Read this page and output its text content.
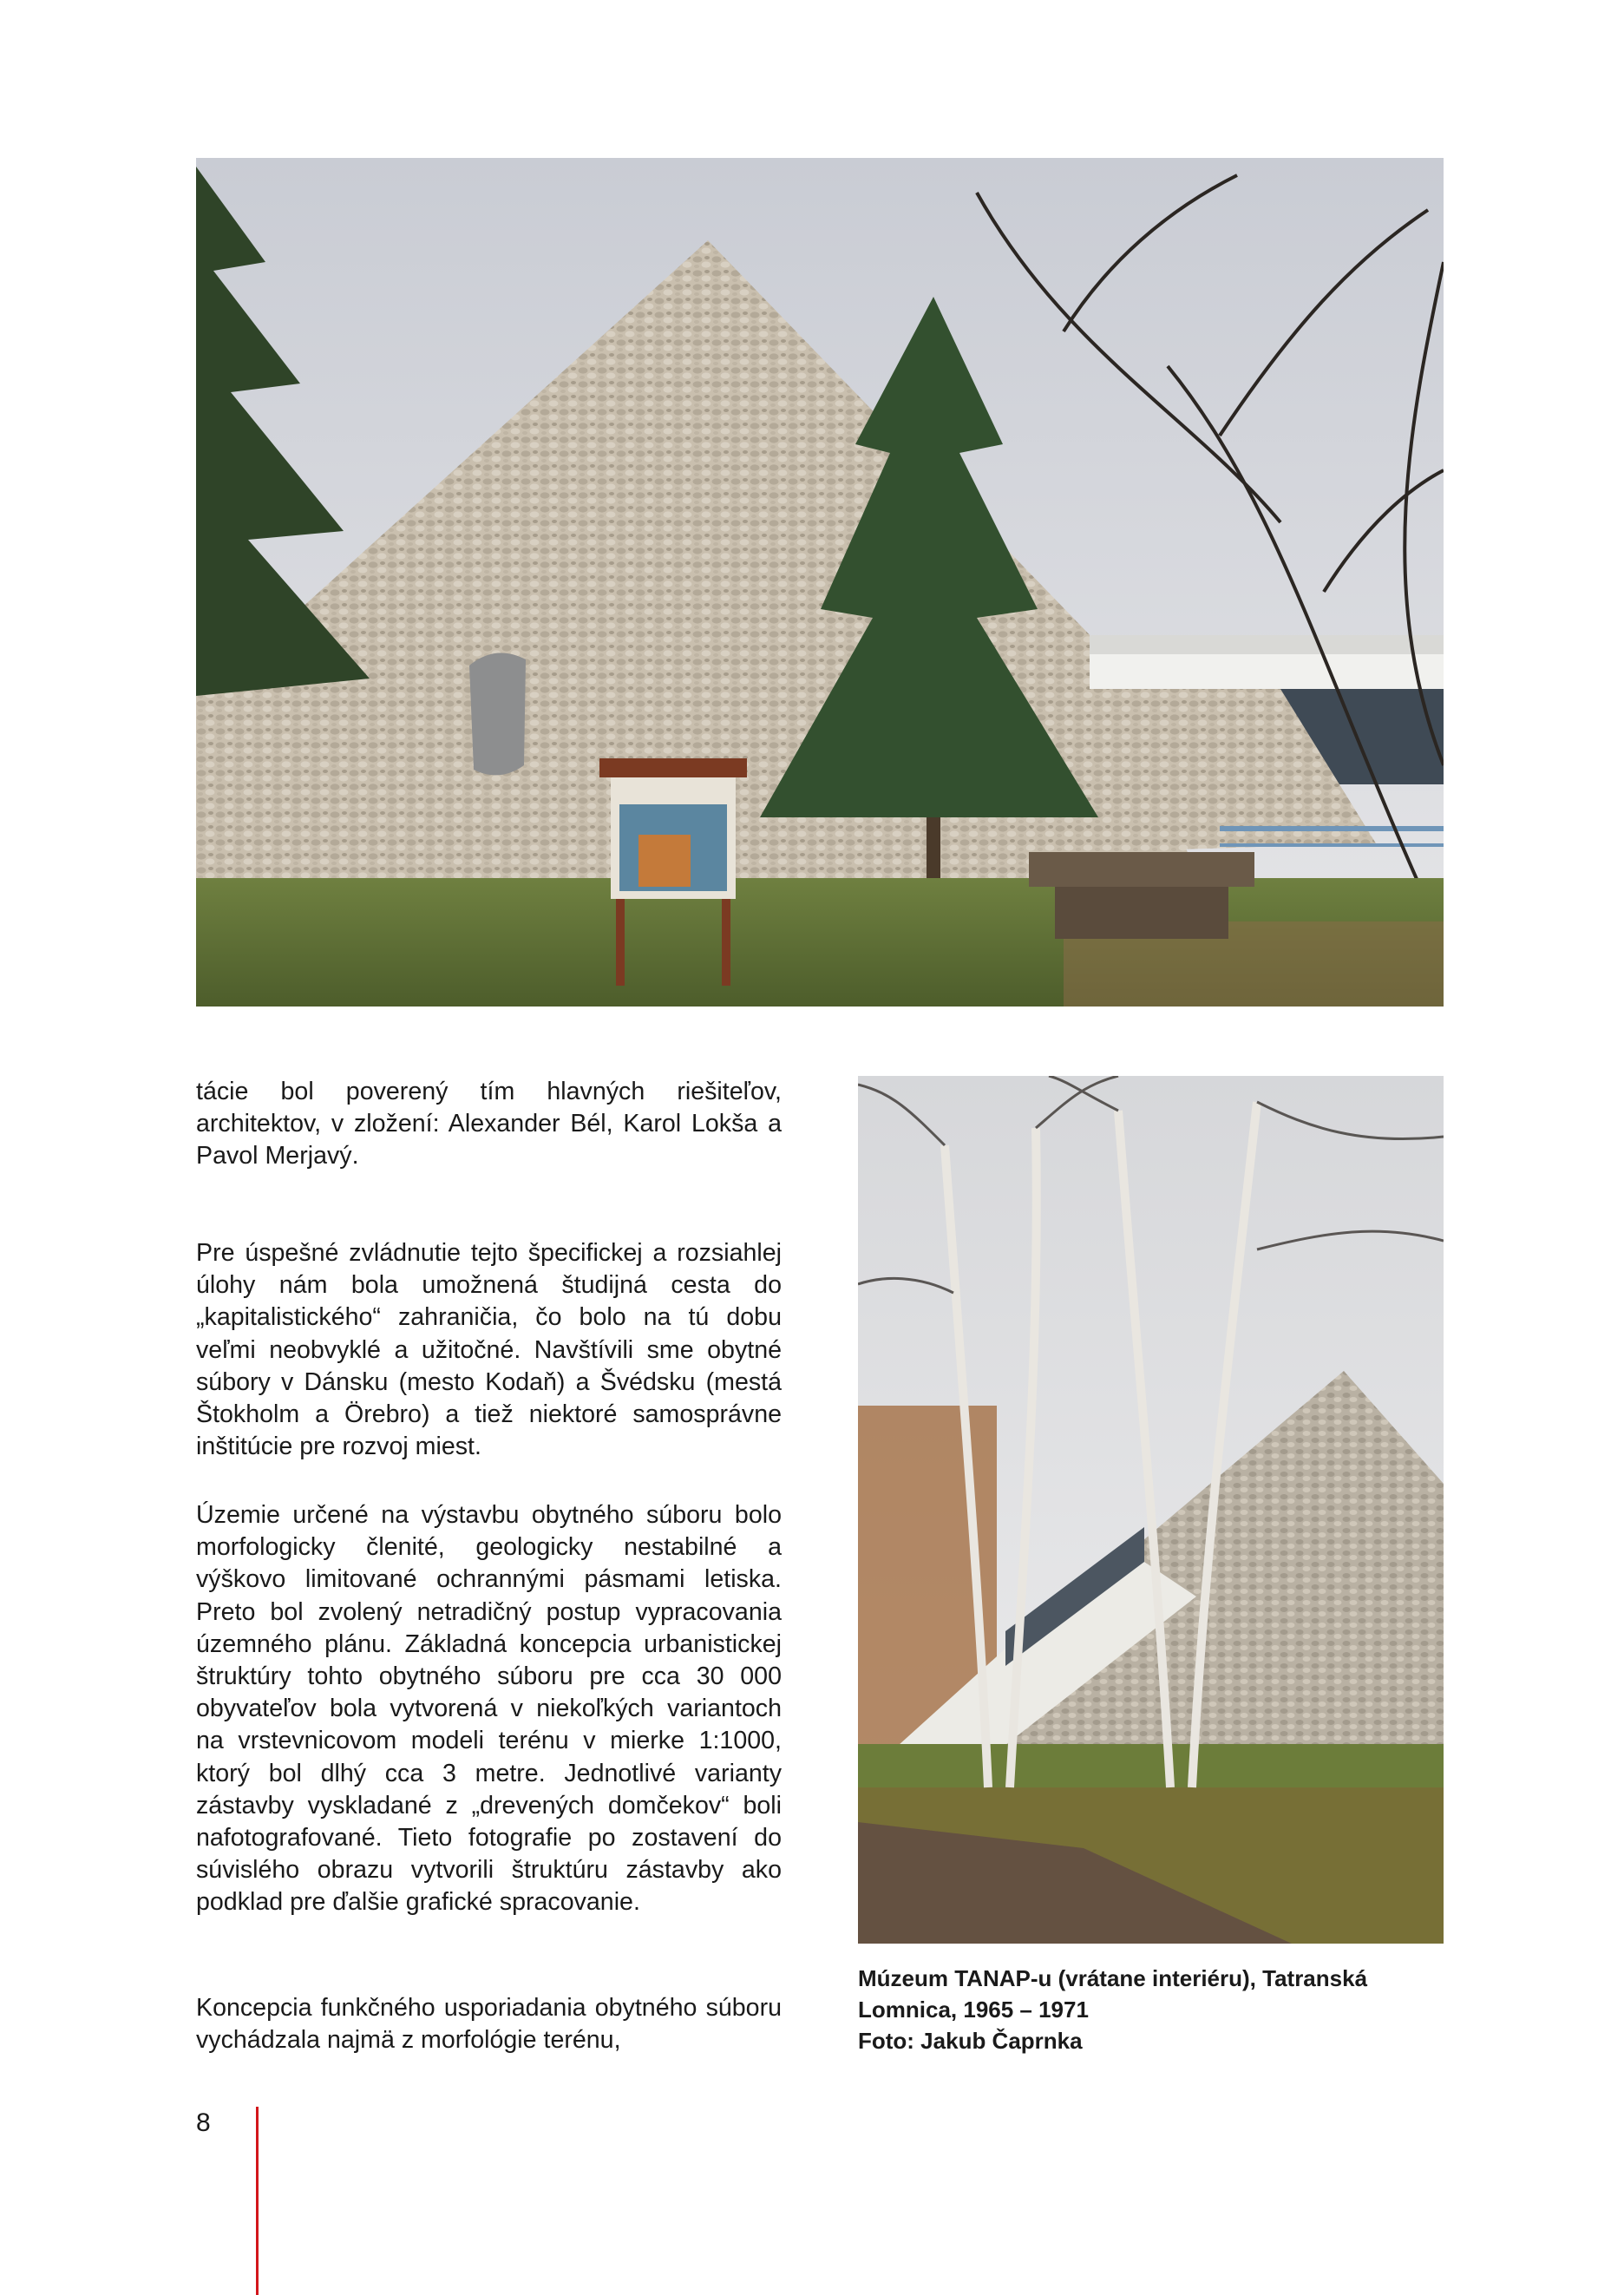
tácie bol poverený tím hlavných riešiteľov, architektov, v zložení: Alexander Bél, Karol Lokša a Pavol Merjavý.

Pre úspešné zvládnutie tejto špecifickej a rozsiahlej úlohy nám bola umožnená študijná cesta do „kapitalistického“ zahraničia, čo bolo na tú dobu veľmi neobvyklé a užitočné. Navštívili sme obytné súbory v Dánsku (mesto Kodaň) a Švédsku (mestá Štokholm a Örebro) a tiež niektoré samosprávne inštitúcie pre rozvoj miest.

Územie určené na výstavbu obytného súboru bolo morfologicky členité, geologicky nestabilné a výškovo limitované ochrannými pásmami letiska. Preto bol zvolený netradičný postup vypracovania územného plánu. Základná koncepcia urbanistickej štruktúry tohto obytného súboru pre cca 30 000 obyvateľov bola vytvorená v niekoľkých variantoch na vrstevnicovom modeli terénu v mierke 1:1000, ktorý bol dlhý cca 3 metre. Jednotlivé varianty zástavby vyskladané z „drevených domčekov“ boli nafotografované. Tieto fotografie po zostavení do súvislého obrazu vytvorili štruktúru zástavby ako podklad pre ďalšie grafické spracovanie.

Koncepcia funkčného usporiadania obytného súboru vychádzala najmä z morfológie terénu,

Múzeum TANAP-u (vrátane interiéru), Tatranská
Lomnica, 1965 – 1971
Foto: Jakub Čaprnka
8
